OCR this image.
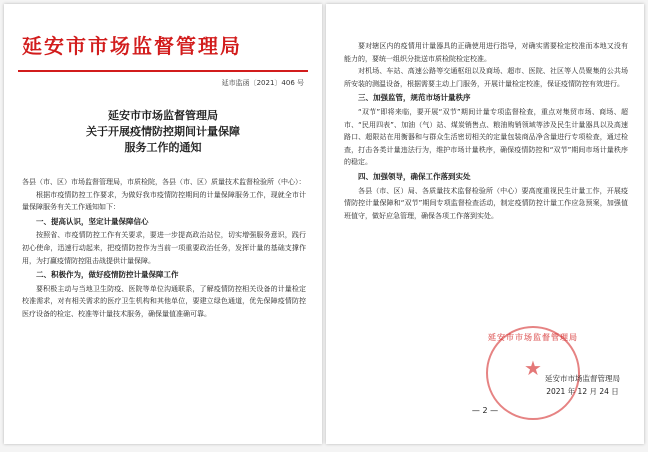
延安市市场监督管理局
延市监函〔2021〕406 号
延安市市场监督管理局
关于开展疫情防控期间计量保障
服务工作的通知

各县（市、区）市场监督管理局，市质检院，各县（市、区）质量技术监督检验所（中心）：

根据市疫情防控工作要求，为做好我市疫情防控期间的计量保障服务工作，现就全市计量保障服务有关工作通知如下：

一、提高认识，坚定计量保障信心

按照省、市疫情防控工作有关要求，要进一步提高政治站位，切实增强服务意识，践行初心使命，迅速行动起来，把疫情防控作为当前一项重要政治任务，发挥计量的基础支撑作用，为打赢疫情防控阻击战提供计量保障。

二、积极作为，做好疫情防控计量保障工作

要积极主动与当地卫生防疫、医院等单位沟通联系，了解疫情防控相关设备的计量检定校准需求，对有相关需求的医疗卫生机构和其他单位，要建立绿色通道，优先保障疫情防控医疗设备的检定、校准等计量技术服务，确保量值准确可靠。

要对辖区内的疫情用计量器具的正确使用进行指导，对确实需要检定校准而本地又没有能力的，要统一组织分批送市质检院检定校准。

对机场、车站、高速公路等交通枢纽以及商场、超市、医院、社区等人员聚集的公共场所安装的测温设备，根据需要主动上门服务，开展计量检定校准，保证疫情防控有效进行。

三、加强监管，规范市场计量秩序

“双节”即将来临，要开展“双节”期间计量专项监督检查，重点对集贸市场、商场、超市、“民用四表”、加油（气）站、煤炭销售点、粮油购销领域等涉及民生计量器具以及高速路口、超限站在用衡器和与群众生活密切相关的定量包装商品净含量进行专项检查，通过检查，打击各类计量违法行为，维护市场计量秩序，确保疫情防控和“双节”期间市场计量秩序的稳定。

四、加强领导，确保工作落到实处

各县（市、区）局、各质量技术监督检验所（中心）要高度重视民生计量工作，开展疫情防控计量保障和“双节”期间专项监督检查活动，制定疫情防控计量工作应急预案，加强值班值守，做好应急管理，确保各项工作落到实处。

延安市市场监督管理局
★ 延安市市场监督管理局
2021 年 12 月 24 日
— 2 —
